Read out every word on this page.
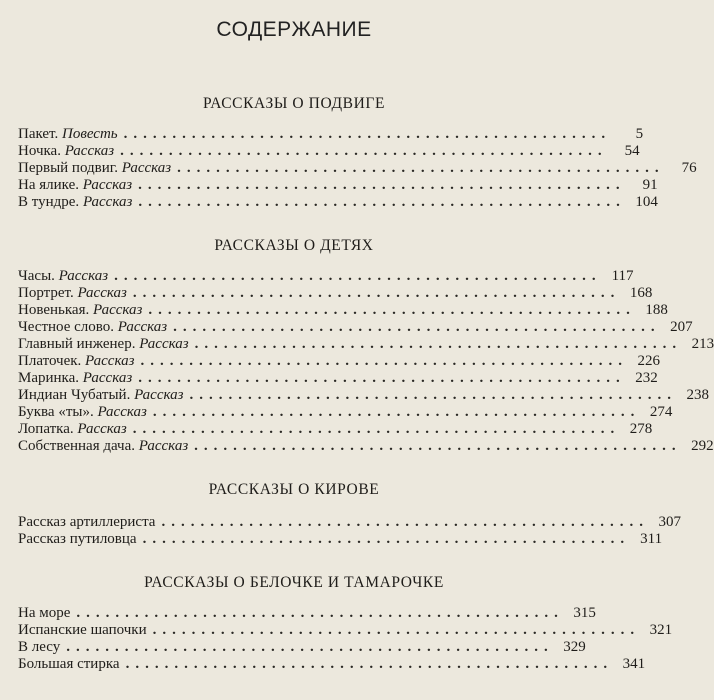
СОДЕРЖАНИЕ
РАССКАЗЫ О ПОДВИГЕ
Пакет. Повесть ..................................................	5
Ночка. Рассказ ..................................................	54
Первый подвиг. Рассказ ..................................................	76
На ялике. Рассказ ..................................................	91
В тундре. Рассказ .................................................. 104
РАССКАЗЫ О ДЕТЯХ
Часы. Рассказ .................................................. 117
Портрет. Рассказ .................................................. 168
Новенькая. Рассказ .................................................. 188
Честное слово. Рассказ .................................................. 207
Главный инженер. Рассказ .................................................. 213
Платочек. Рассказ .................................................. 226
Маринка. Рассказ .................................................. 232
Индиан Чубатый. Рассказ .................................................. 238
Буква «ты». Рассказ .................................................. 274
Лопатка. Рассказ .................................................. 278
Собственная дача. Рассказ .................................................. 292
РАССКАЗЫ О КИРОВЕ
Рассказ артиллериста .................................................. 307
Рассказ путиловца .................................................. 311
РАССКАЗЫ О БЕЛОЧКЕ И ТАМАРОЧКЕ
На море .................................................. 315
Испанские шапочки .................................................. 321
В лесу .................................................. 329
Большая стирка .................................................. 341
